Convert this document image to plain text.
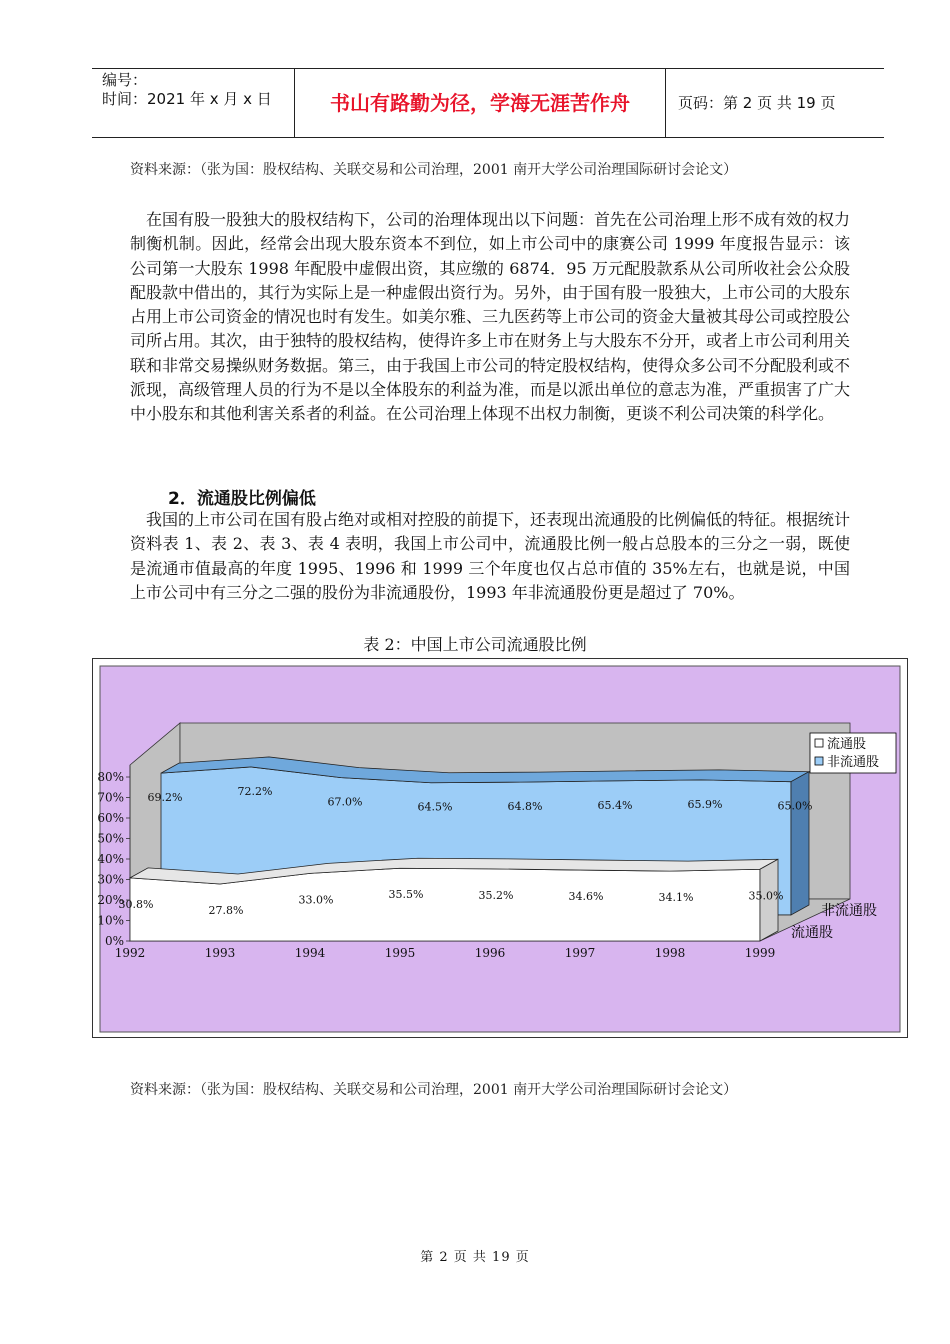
编号：
时间：2021 年 x 月 x 日	书山有路勤为径，学海无涯苦作舟	页码：第 2 页 共 19 页
资料来源：（张为国：股权结构、关联交易和公司治理，2001 南开大学公司治理国际研讨会论文）
在国有股一股独大的股权结构下，公司的治理体现出以下问题：首先在公司治理上形不成有效的权力制衡机制。因此，经常会出现大股东资本不到位，如上市公司中的康赛公司 1999 年度报告显示：该公司第一大股东 1998 年配股中虚假出资，其应缴的 6874．95 万元配股款系从公司所收社会公众股配股款中借出的，其行为实际上是一种虚假出资行为。另外，由于国有股一股独大，上市公司的大股东占用上市公司资金的情况也时有发生。如美尔雅、三九医药等上市公司的资金大量被其母公司或控股公司所占用。其次，由于独特的股权结构，使得许多上市在财务上与大股东不分开，或者上市公司利用关联和非常交易操纵财务数据。第三，由于我国上市公司的特定股权结构，使得众多公司不分配股利或不派现，高级管理人员的行为不是以全体股东的利益为准，而是以派出单位的意志为准，严重损害了广大中小股东和其他利害关系者的利益。在公司治理上体现不出权力制衡，更谈不利公司决策的科学化。
2．流通股比例偏低
我国的上市公司在国有股占绝对或相对控股的前提下，还表现出流通股的比例偏低的特征。根据统计资料表 1、表 2、表 3、表 4 表明，我国上市公司中，流通股比例一般占总股本的三分之一弱，既使是流通市值最高的年度 1995、1996 和 1999 三个年度也仅占总市值的 35%左右，也就是说，中国上市公司中有三分之二强的股份为非流通股份，1993 年非流通股份更是超过了 70%。
表 2：中国上市公司流通股比例
0%
10%
20%
30%
40%
50%
60%
70%
80%
1992	1993	1994	1995	1996	1997	1998	1999
69.2%	72.2%
67.0%	64.5%	64.8%	65.4%	65.9%	65.0%
30.8%	27.8%
33.0%	35.5%	35.2%	34.6%	34.1%	35.0%
流通股
非流通股
非流通股
流通股
资料来源：（张为国：股权结构、关联交易和公司治理，2001 南开大学公司治理国际研讨会论文）
第 2 页 共 19 页
